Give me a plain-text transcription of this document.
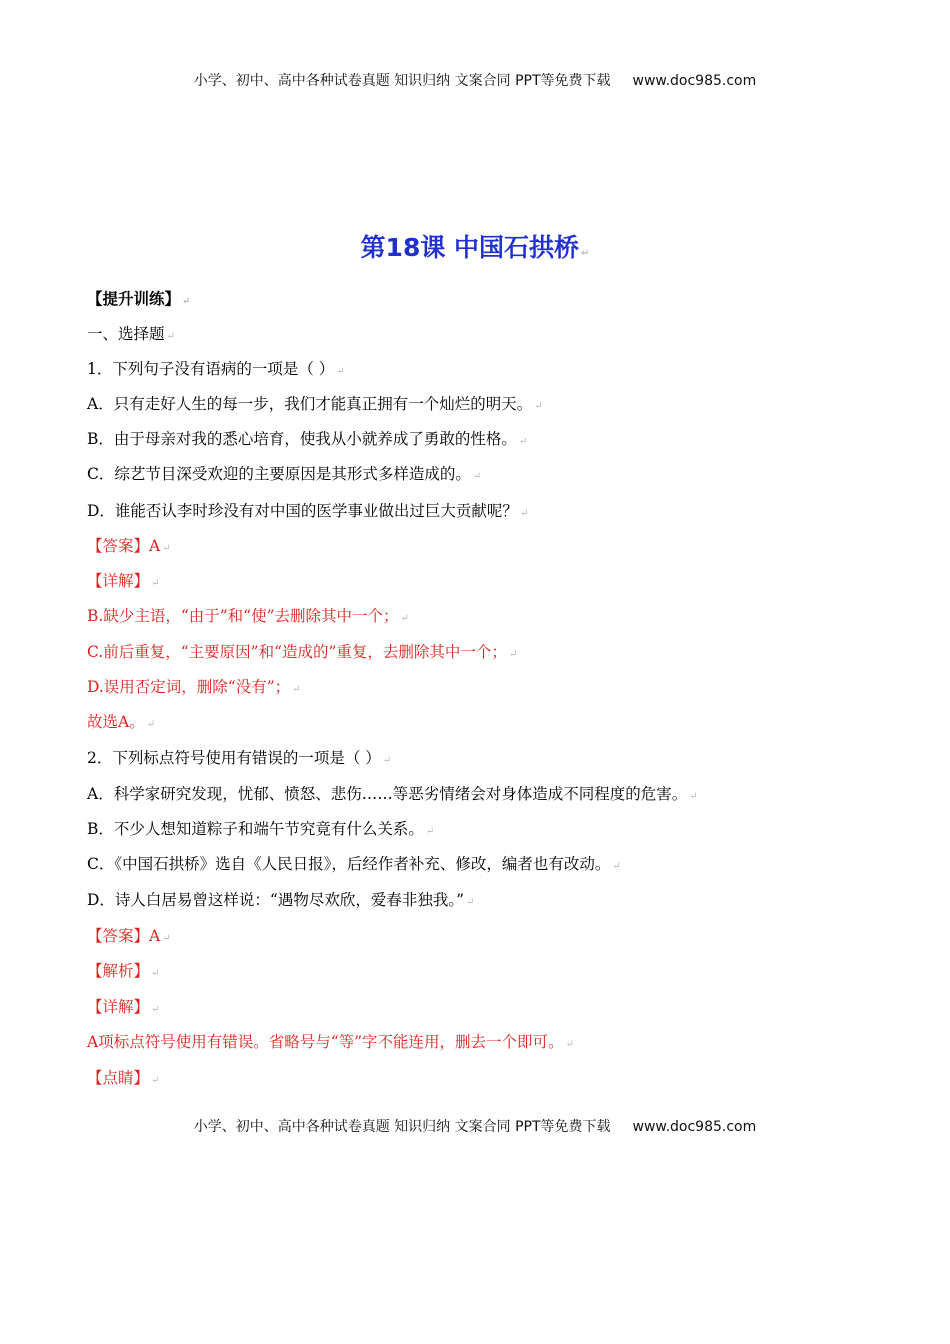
小学、初中、高中各种试卷真题 知识归纳 文案合同 PPT等免费下载 www.doc985.com
第18课 中国石拱桥 ↵
【提升训练】 ↵
一、选择题 ↵
1．下列句子没有语病的一项是（ ） ↵
A．只有走好人生的每一步，我们才能真正拥有一个灿烂的明天。 ↵
B．由于母亲对我的悉心培育，使我从小就养成了勇敢的性格。 ↵
C．综艺节目深受欢迎的主要原因是其形式多样造成的。 ↵
D．谁能否认李时珍没有对中国的医学事业做出过巨大贡献呢？ ↵
【答案】A ↵
【详解】 ↵
B.缺少主语，“由于”和“使”去删除其中一个； ↵
C.前后重复，“主要原因”和“造成的”重复，去删除其中一个； ↵
D.误用否定词，删除“没有”； ↵
故选A。 ↵
2．下列标点符号使用有错误的一项是（ ） ↵
A．科学家研究发现，忧郁、愤怒、悲伤……等恶劣情绪会对身体造成不同程度的危害。 ↵
B．不少人想知道粽子和端午节究竟有什么关系。 ↵
C．《中国石拱桥》选自《人民日报》，后经作者补充、修改，编者也有改动。 ↵
D．诗人白居易曾这样说：“遇物尽欢欣，爱春非独我。” ↵
【答案】A ↵
【解析】 ↵
【详解】 ↵
A项标点符号使用有错误。省略号与“等”字不能连用，删去一个即可。 ↵
【点睛】 ↵
小学、初中、高中各种试卷真题 知识归纳 文案合同 PPT等免费下载 www.doc985.com
